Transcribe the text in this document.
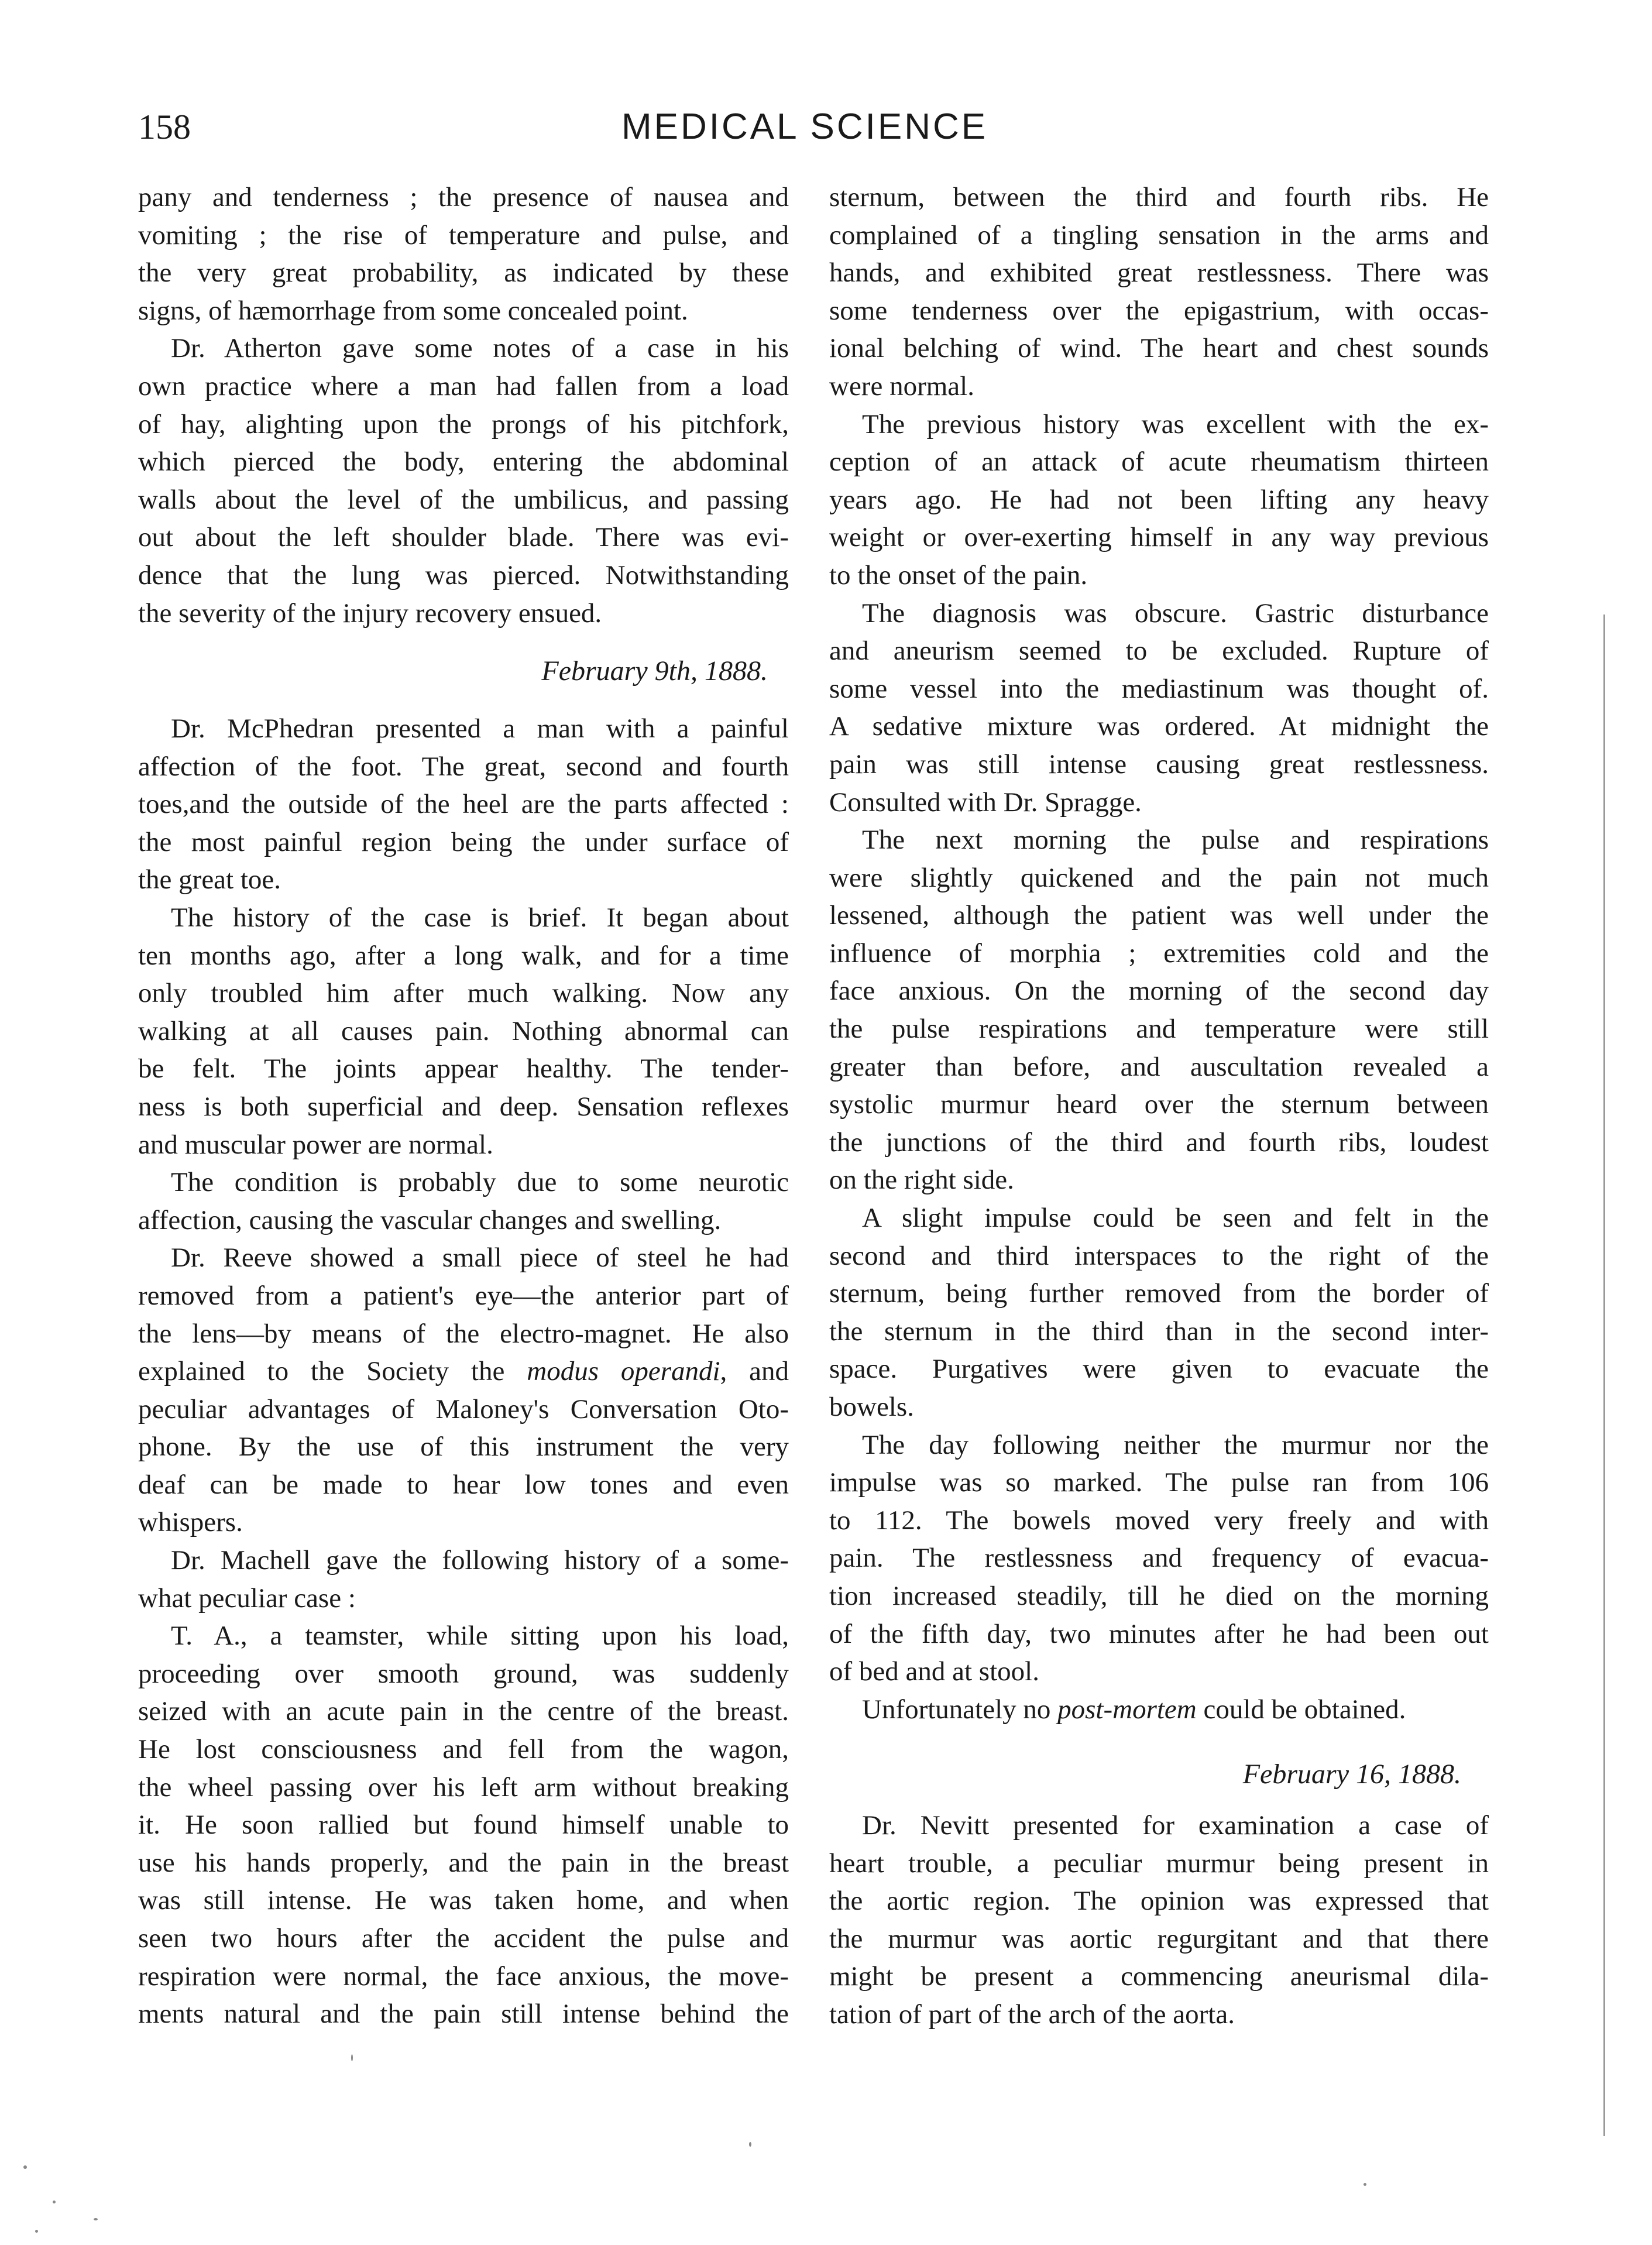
158	MEDICAL SCIENCE
pany and tenderness ; the presence of nausea and
vomiting ; the rise of temperature and pulse, and
the very great probability, as indicated by these
signs, of hæmorrhage from some concealed point.
Dr. Atherton gave some notes of a case in his
own practice where a man had fallen from a load
of hay, alighting upon the prongs of his pitchfork,
which pierced the body, entering the abdominal
walls about the level of the umbilicus, and passing
out about the left shoulder blade. There was evi-
dence that the lung was pierced. Notwithstanding
the severity of the injury recovery ensued.
February 9th, 1888.
Dr. McPhedran presented a man with a painful
affection of the foot. The great, second and fourth
toes,and the outside of the heel are the parts affected :
the most painful region being the under surface of
the great toe.
The history of the case is brief. It began about
ten months ago, after a long walk, and for a time
only troubled him after much walking. Now any
walking at all causes pain. Nothing abnormal can
be felt. The joints appear healthy. The tender-
ness is both superficial and deep. Sensation reflexes
and muscular power are normal.
The condition is probably due to some neurotic
affection, causing the vascular changes and swelling.
Dr. Reeve showed a small piece of steel he had
removed from a patient's eye—the anterior part of
the lens—by means of the electro-magnet. He also
explained to the Society the modus operandi, and
peculiar advantages of Maloney's Conversation Oto-
phone. By the use of this instrument the very
deaf can be made to hear low tones and even
whispers.
Dr. Machell gave the following history of a some-
what peculiar case :
T. A., a teamster, while sitting upon his load,
proceeding over smooth ground, was suddenly
seized with an acute pain in the centre of the breast.
He lost consciousness and fell from the wagon,
the wheel passing over his left arm without breaking
it. He soon rallied but found himself unable to
use his hands properly, and the pain in the breast
was still intense. He was taken home, and when
seen two hours after the accident the pulse and
respiration were normal, the face anxious, the move-
ments natural and the pain still intense behind the
sternum, between the third and fourth ribs. He
complained of a tingling sensation in the arms and
hands, and exhibited great restlessness. There was
some tenderness over the epigastrium, with occas-
ional belching of wind. The heart and chest sounds
were normal.
The previous history was excellent with the ex-
ception of an attack of acute rheumatism thirteen
years ago. He had not been lifting any heavy
weight or over-exerting himself in any way previous
to the onset of the pain.
The diagnosis was obscure. Gastric disturbance
and aneurism seemed to be excluded. Rupture of
some vessel into the mediastinum was thought of.
A sedative mixture was ordered. At midnight the
pain was still intense causing great restlessness.
Consulted with Dr. Spragge.
The next morning the pulse and respirations
were slightly quickened and the pain not much
lessened, although the patient was well under the
influence of morphia ; extremities cold and the
face anxious. On the morning of the second day
the pulse respirations and temperature were still
greater than before, and auscultation revealed a
systolic murmur heard over the sternum between
the junctions of the third and fourth ribs, loudest
on the right side.
A slight impulse could be seen and felt in the
second and third interspaces to the right of the
sternum, being further removed from the border of
the sternum in the third than in the second inter-
space. Purgatives were given to evacuate the
bowels.
The day following neither the murmur nor the
impulse was so marked. The pulse ran from 106
to 112. The bowels moved very freely and with
pain. The restlessness and frequency of evacua-
tion increased steadily, till he died on the morning
of the fifth day, two minutes after he had been out
of bed and at stool.
Unfortunately no post-mortem could be obtained.
February 16, 1888.
Dr. Nevitt presented for examination a case of
heart trouble, a peculiar murmur being present in
the aortic region. The opinion was expressed that
the murmur was aortic regurgitant and that there
might be present a commencing aneurismal dila-
tation of part of the arch of the aorta.
